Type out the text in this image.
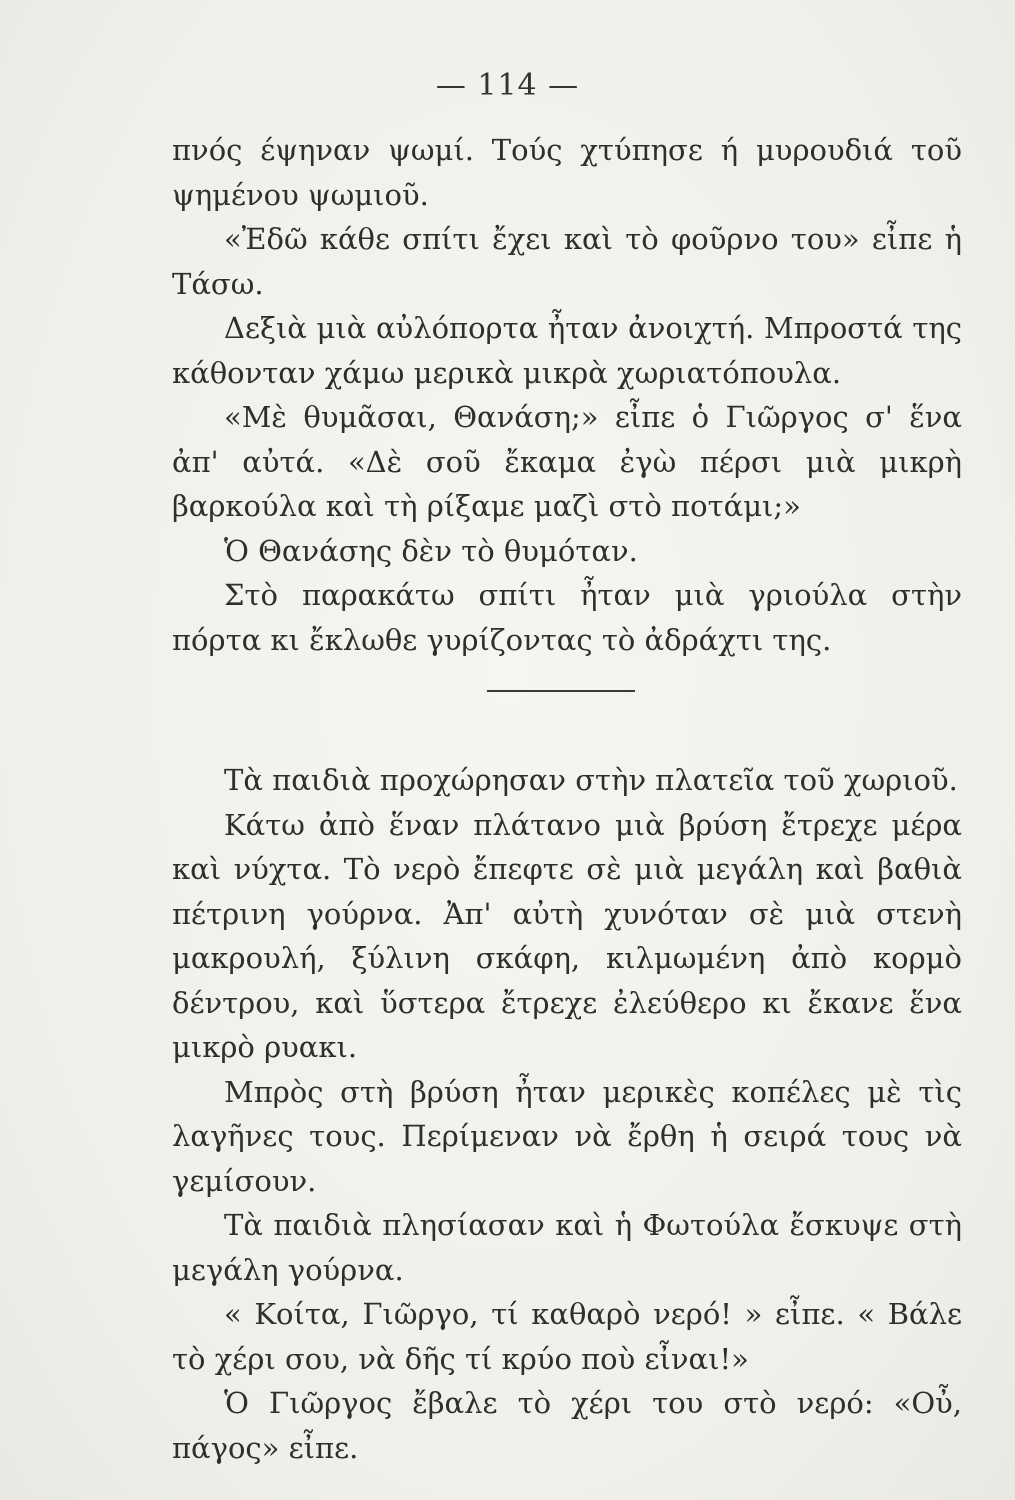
— 114 —

πνός έψηναν ψωμί. Τούς χτύπησε ή μυρουδιά τοῦ ψημένου ψωμιοῦ.

«Ἐδῶ κάθε σπίτι ἔχει καὶ τὸ φοῦρνο του» εἶπε ἡ Τάσω.

Δεξιὰ μιὰ αὐλόπορτα ἦταν ἀνοιχτή. Μπροστά της κάθονταν χάμω μερικὰ μικρὰ χωριατόπουλα.

«Μὲ θυμᾶσαι, Θανάση;» εἶπε ὁ Γιῶργος σ' ἕνα ἀπ' αὐτά. «Δὲ σοῦ ἔκαμα ἐγὼ πέρσι μιὰ μικρὴ βαρκούλα καὶ τὴ ρίξαμε μαζὶ στὸ ποτάμι;»

Ὁ Θανάσης δὲν τὸ θυμόταν.

Στὸ παρακάτω σπίτι ἦταν μιὰ γριούλα στὴν πόρτα κι ἔκλωθε γυρίζοντας τὸ ἀδράχτι της.

Τὰ παιδιὰ προχώρησαν στὴν πλατεῖα τοῦ χωριοῦ.

Κάτω ἀπὸ ἕναν πλάτανο μιὰ βρύση ἔτρεχε μέρα καὶ νύχτα. Τὸ νερὸ ἔπεφτε σὲ μιὰ μεγάλη καὶ βαθιὰ πέτρινη γούρνα. Ἀπ' αὐτὴ χυνόταν σὲ μιὰ στενὴ μακρουλή, ξύλινη σκάφη, κιλμωμένη ἀπὸ κορμὸ δέντρου, καὶ ὕστερα ἔτρεχε ἐλεύθερο κι ἔκανε ἕνα μικρὸ ρυακι.

Μπρὸς στὴ βρύση ἦταν μερικὲς κοπέλες μὲ τὶς λαγῆνες τους. Περίμεναν νὰ ἔρθη ἡ σειρά τους νὰ γεμίσουν.

Τὰ παιδιὰ πλησίασαν καὶ ἡ Φωτούλα ἔσκυψε στὴ μεγάλη γούρνα.

« Κοίτα, Γιῶργο, τί καθαρὸ νερό! » εἶπε. « Βάλε τὸ χέρι σου, νὰ δῆς τί κρύο ποὺ εἶναι!»

Ὁ Γιῶργος ἔβαλε τὸ χέρι του στὸ νερό: «Οὖ, πάγος» εἶπε.
